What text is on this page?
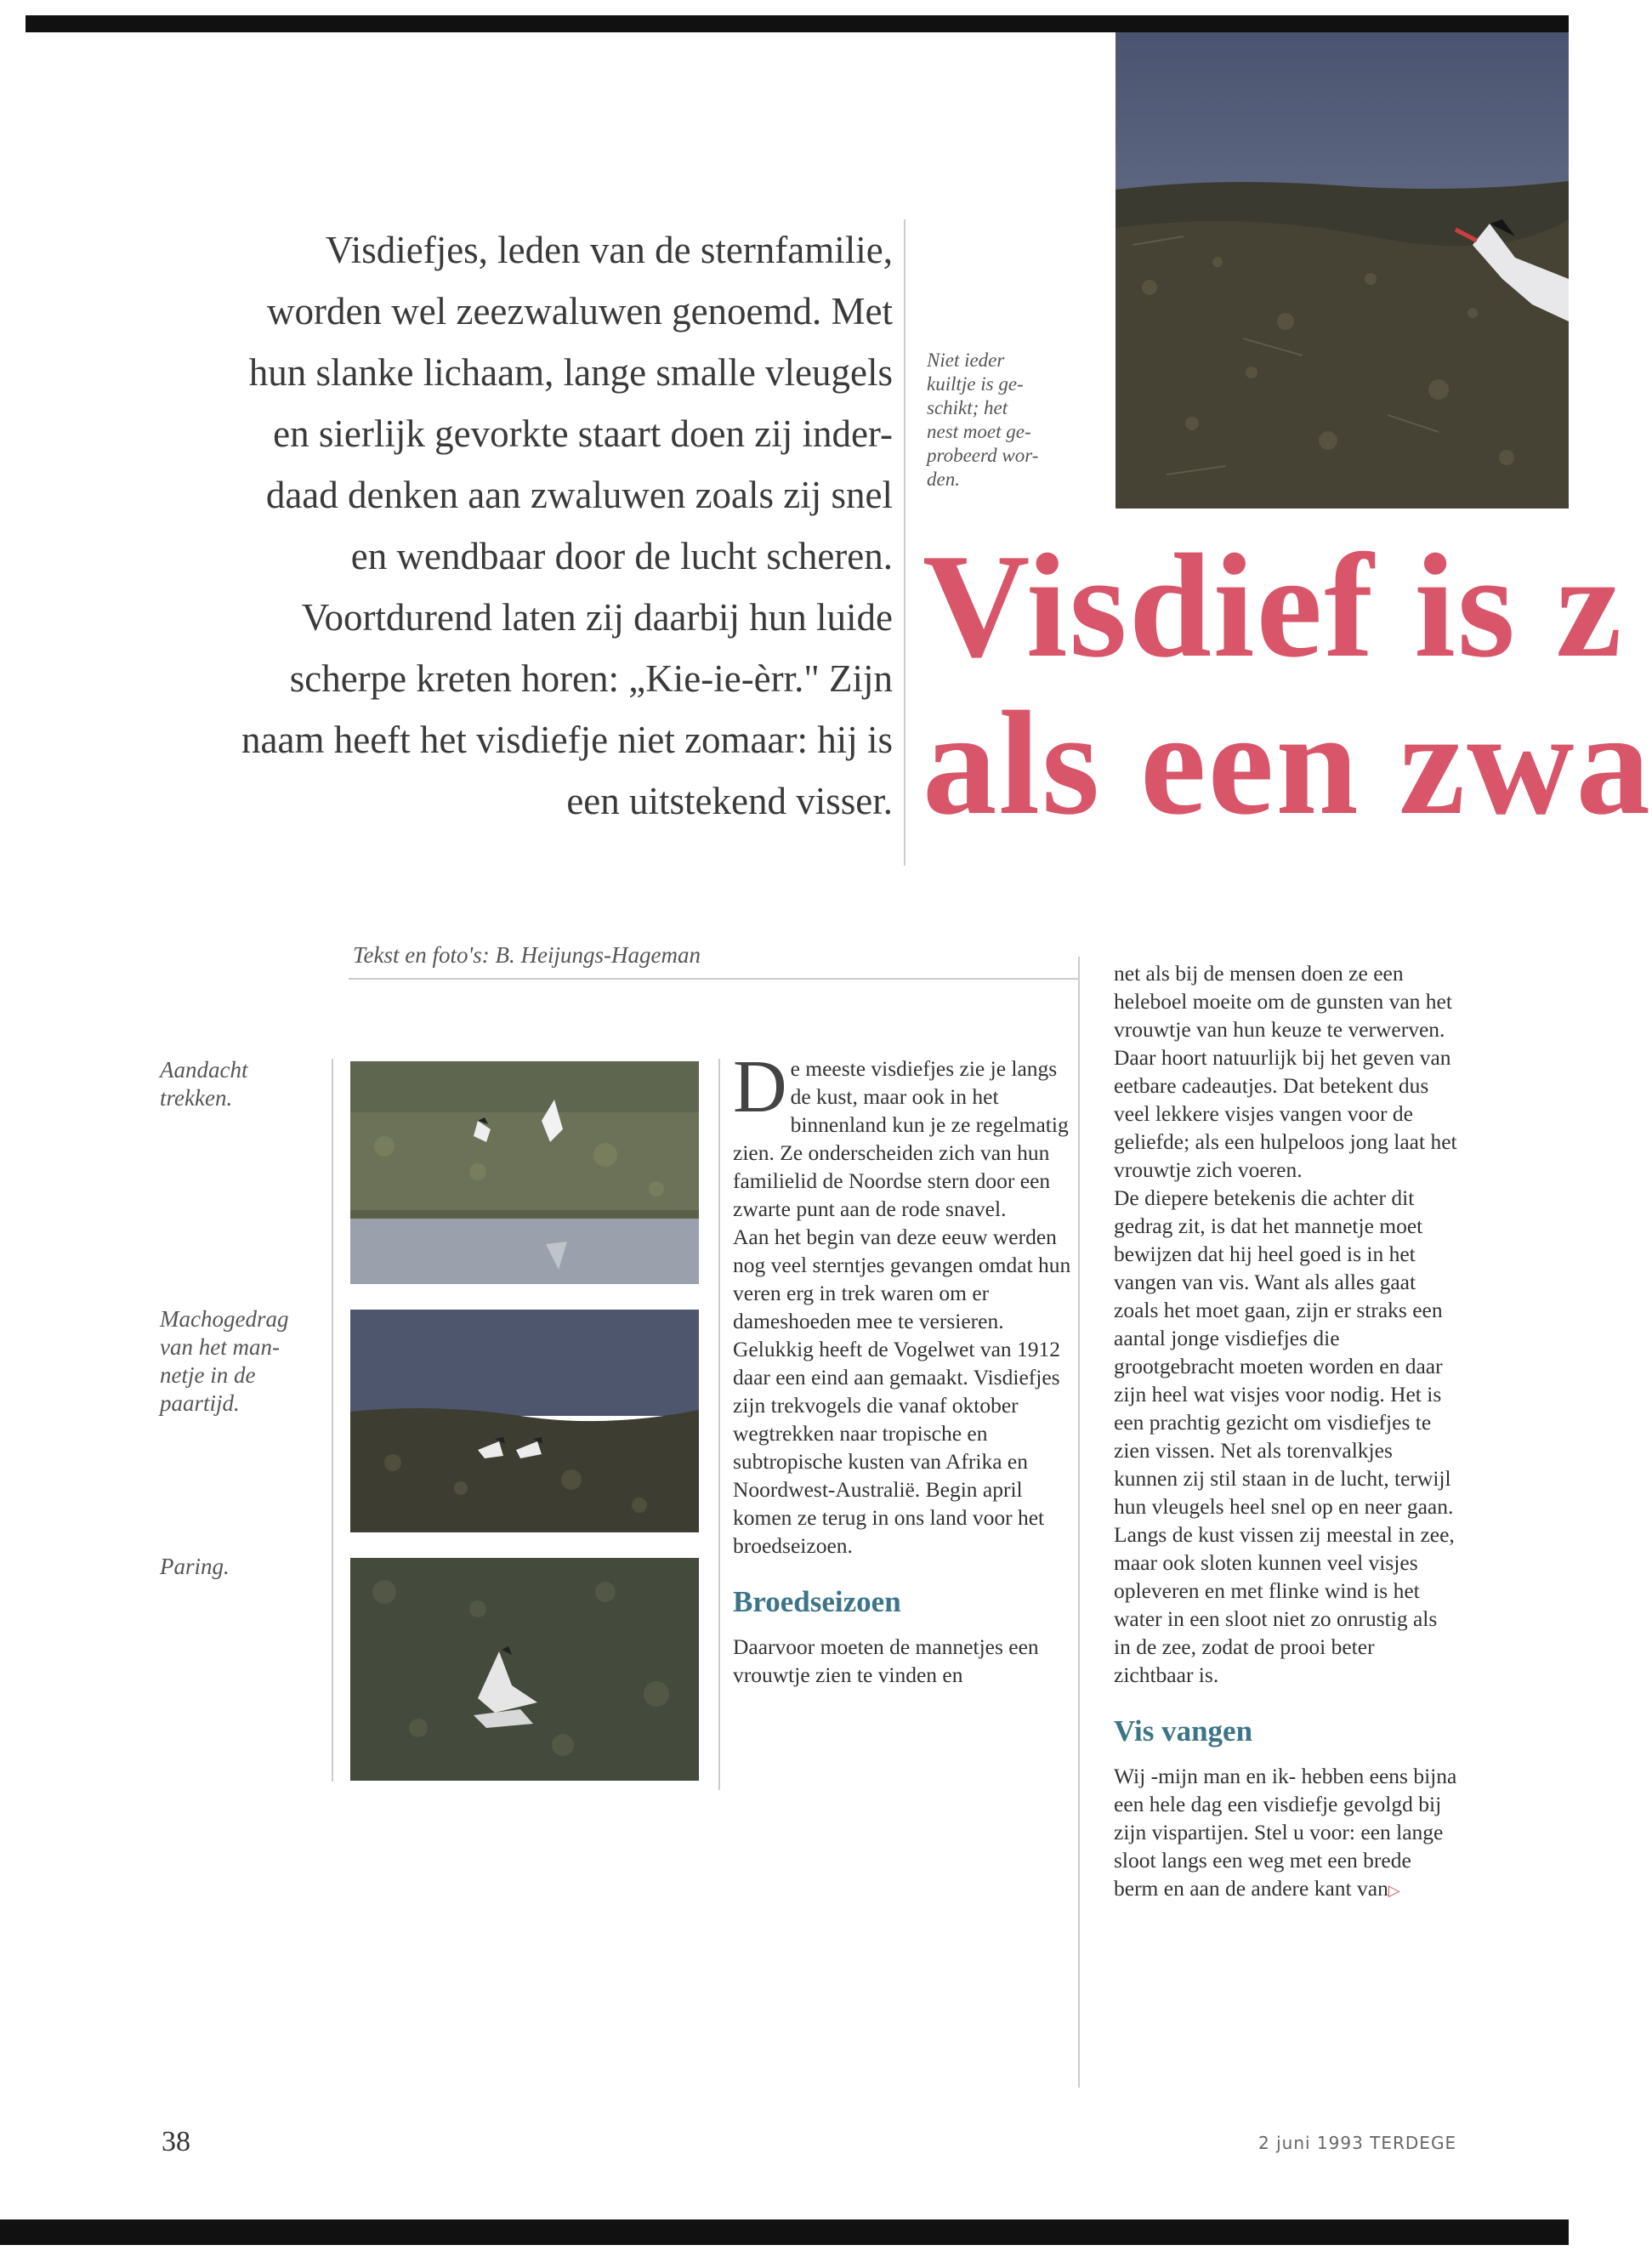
Visdiefjes, leden van de sternfamilie,
worden wel zeezwaluwen genoemd. Met
hun slanke lichaam, lange smalle vleugels
en sierlijk gevorkte staart doen zij inder-
daad denken aan zwaluwen zoals zij snel
en wendbaar door de lucht scheren.
Voortdurend laten zij daarbij hun luide
scherpe kreten horen: „Kie-ie-èrr." Zijn
naam heeft het visdiefje niet zomaar: hij is
een uitstekend visser.
Niet ieder
kuiltje is ge-
schikt; het
nest moet ge-
probeerd wor-
den.
Visdief is z
als een zwa
Tekst en foto's: B. Heijungs-Hageman
Aandacht
trekken.
Machogedrag
van het man-
netje in de
paartijd.
Paring.

De meeste visdiefjes zie je langs de kust, maar ook in het binnenland kun je ze regelmatig zien. Ze onderscheiden zich van hun familielid de Noordse stern door een zwarte punt aan de rode snavel.

Aan het begin van deze eeuw werden nog veel sterntjes gevangen omdat hun veren erg in trek waren om er dameshoeden mee te versieren. Gelukkig heeft de Vogelwet van 1912 daar een eind aan gemaakt. Visdiefjes zijn trekvogels die vanaf oktober wegtrekken naar tropische en subtropische kusten van Afrika en Noordwest-Australië. Begin april komen ze terug in ons land voor het broedseizoen.

Broedseizoen

Daarvoor moeten de mannetjes een vrouwtje zien te vinden en

net als bij de mensen doen ze een heleboel moeite om de gunsten van het vrouwtje van hun keuze te verwerven. Daar hoort natuurlijk bij het geven van eetbare cadeautjes. Dat betekent dus veel lekkere visjes vangen voor de geliefde; als een hulpeloos jong laat het vrouwtje zich voeren.

De diepere betekenis die achter dit gedrag zit, is dat het mannetje moet bewijzen dat hij heel goed is in het vangen van vis. Want als alles gaat zoals het moet gaan, zijn er straks een aantal jonge visdiefjes die grootgebracht moeten worden en daar zijn heel wat visjes voor nodig. Het is een prachtig gezicht om visdiefjes te zien vissen. Net als torenvalkjes kunnen zij stil staan in de lucht, terwijl hun vleugels heel snel op en neer gaan.

Langs de kust vissen zij meestal in zee, maar ook sloten kunnen veel visjes opleveren en met flinke wind is het water in een sloot niet zo onrustig als in de zee, zodat de prooi beter zichtbaar is.

Vis vangen

Wij -mijn man en ik- hebben eens bijna een hele dag een visdiefje gevolgd bij zijn vispartijen. Stel u voor: een lange sloot langs een weg met een brede berm en aan de andere kant van▷

38	2 juni 1993 TERDEGE
